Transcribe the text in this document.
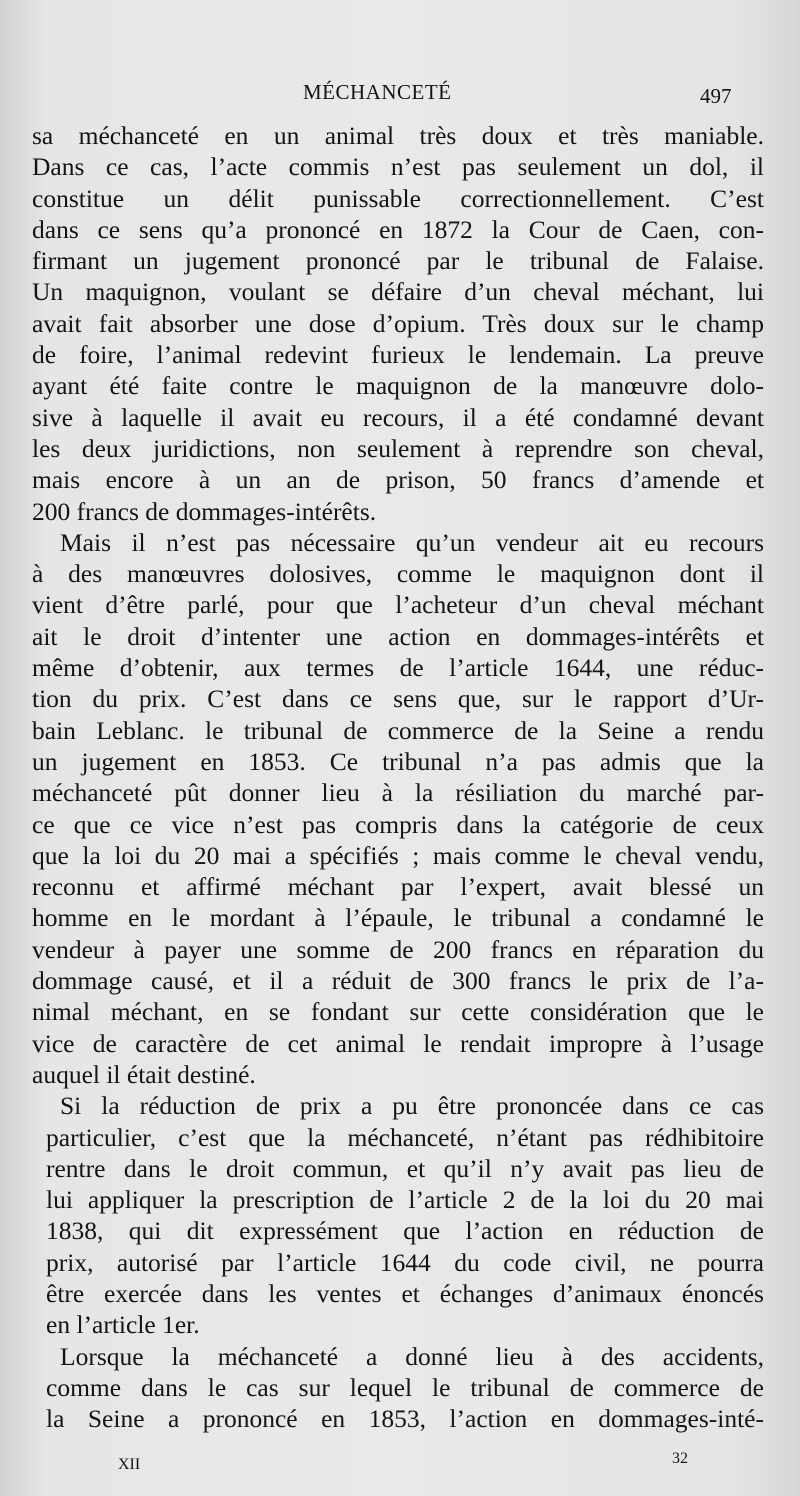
MÉCHANCETÉ	497
sa méchanceté en un animal très doux et très maniable.
Dans ce cas, l’acte commis n’est pas seulement un dol, il
constitue un délit punissable correctionnellement. C’est
dans ce sens qu’a prononcé en 1872 la Cour de Caen, con-
firmant un jugement prononcé par le tribunal de Falaise.
Un maquignon, voulant se défaire d’un cheval méchant, lui
avait fait absorber une dose d’opium. Très doux sur le champ
de foire, l’animal redevint furieux le lendemain. La preuve
ayant été faite contre le maquignon de la manœuvre dolo-
sive à laquelle il avait eu recours, il a été condamné devant
les deux juridictions, non seulement à reprendre son cheval,
mais encore à un an de prison, 50 francs d’amende et
200 francs de dommages-intérêts.
Mais il n’est pas nécessaire qu’un vendeur ait eu recours
à des manœuvres dolosives, comme le maquignon dont il
vient d’être parlé, pour que l’acheteur d’un cheval méchant
ait le droit d’intenter une action en dommages-intérêts et
même d’obtenir, aux termes de l’article 1644, une réduc-
tion du prix. C’est dans ce sens que, sur le rapport d’Ur-
bain Leblanc. le tribunal de commerce de la Seine a rendu
un jugement en 1853. Ce tribunal n’a pas admis que la
méchanceté pût donner lieu à la résiliation du marché par-
ce que ce vice n’est pas compris dans la catégorie de ceux
que la loi du 20 mai a spécifiés ; mais comme le cheval vendu,
reconnu et affirmé méchant par l’expert, avait blessé un
homme en le mordant à l’épaule, le tribunal a condamné le
vendeur à payer une somme de 200 francs en réparation du
dommage causé, et il a réduit de 300 francs le prix de l’a-
nimal méchant, en se fondant sur cette considération que le
vice de caractère de cet animal le rendait impropre à l’usage
auquel il était destiné.
Si la réduction de prix a pu être prononcée dans ce cas
particulier, c’est que la méchanceté, n’étant pas rédhibitoire
rentre dans le droit commun, et qu’il n’y avait pas lieu de
lui appliquer la prescription de l’article 2 de la loi du 20 mai
1838, qui dit expressément que l’action en réduction de
prix, autorisé par l’article 1644 du code civil, ne pourra
être exercée dans les ventes et échanges d’animaux énoncés
en l’article 1er.
Lorsque la méchanceté a donné lieu à des accidents,
comme dans le cas sur lequel le tribunal de commerce de
la Seine a prononcé en 1853, l’action en dommages-inté-
XII	32
